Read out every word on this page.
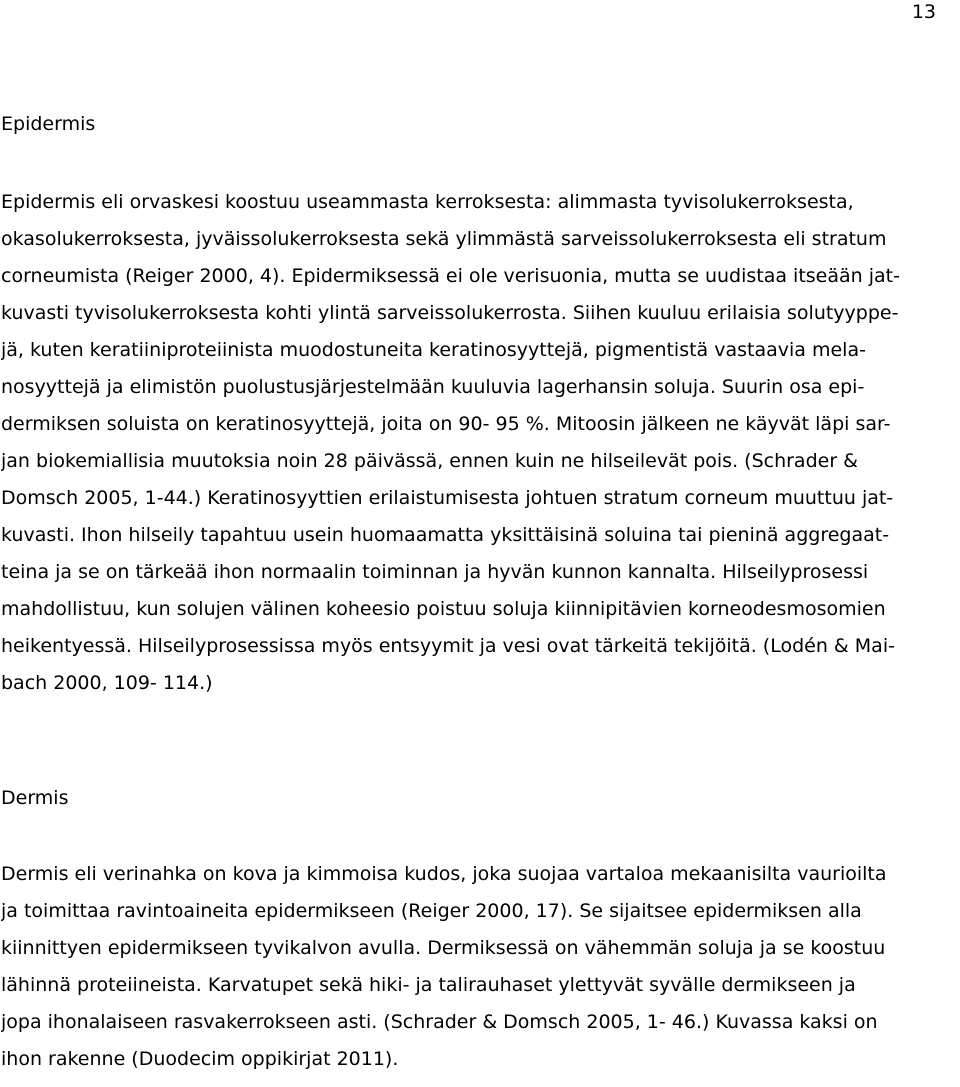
13
Epidermis
Epidermis eli orvaskesi koostuu useammasta kerroksesta: alimmasta tyvisolukerroksesta,
okasolukerroksesta, jyväissolukerroksesta sekä ylimmästä sarveissolukerroksesta eli stratum
corneumista (Reiger 2000, 4). Epidermiksessä ei ole verisuonia, mutta se uudistaa itseään jat-
kuvasti tyvisolukerroksesta kohti ylintä sarveissolukerrosta. Siihen kuuluu erilaisia solutyyppe-
jä, kuten keratiiniproteiinista muodostuneita keratinosyyttejä, pigmentistä vastaavia mela-
nosyyttejä ja elimistön puolustusjärjestelmään kuuluvia lagerhansin soluja. Suurin osa epi-
dermiksen soluista on keratinosyyttejä, joita on 90- 95 %. Mitoosin jälkeen ne käyvät läpi sar-
jan biokemiallisia muutoksia noin 28 päivässä, ennen kuin ne hilseilevät pois. (Schrader &
Domsch 2005, 1-44.) Keratinosyyttien erilaistumisesta johtuen stratum corneum muuttuu jat-
kuvasti. Ihon hilseily tapahtuu usein huomaamatta yksittäisinä soluina tai pieninä aggregaat-
teina ja se on tärkeää ihon normaalin toiminnan ja hyvän kunnon kannalta. Hilseilyprosessi
mahdollistuu, kun solujen välinen koheesio poistuu soluja kiinnipitävien korneodesmosomien
heikentyessä. Hilseilyprosessissa myös entsyymit ja vesi ovat tärkeitä tekijöitä. (Lodén & Mai-
bach 2000, 109- 114.)
Dermis
Dermis eli verinahka on kova ja kimmoisa kudos, joka suojaa vartaloa mekaanisilta vaurioilta
ja toimittaa ravintoaineita epidermikseen (Reiger 2000, 17). Se sijaitsee epidermiksen alla
kiinnittyen epidermikseen tyvikalvon avulla. Dermiksessä on vähemmän soluja ja se koostuu
lähinnä proteiineista. Karvatupet sekä hiki- ja talirauhaset ylettyvät syvälle dermikseen ja
jopa ihonalaiseen rasvakerrokseen asti. (Schrader & Domsch 2005, 1- 46.) Kuvassa kaksi on
ihon rakenne (Duodecim oppikirjat 2011).
